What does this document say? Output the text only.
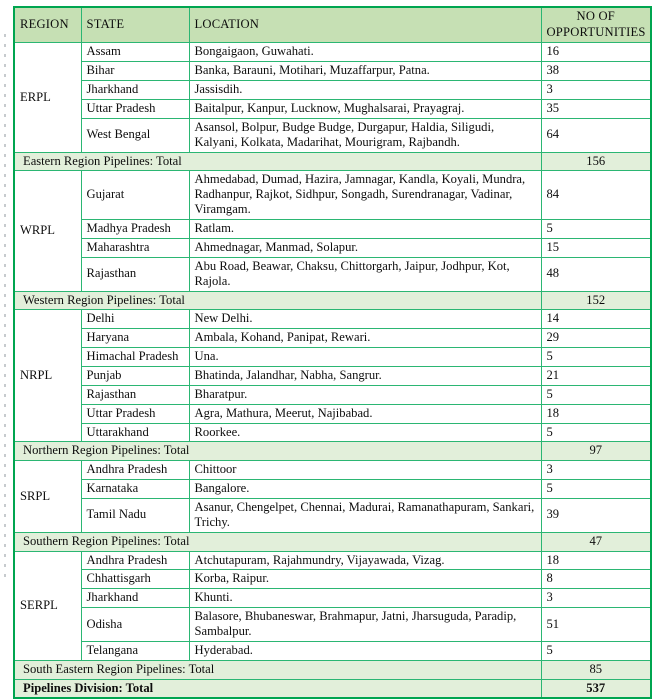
REGION	STATE	LOCATION	NO OF
OPPORTUNITIES
ERPL	Assam	Bongaigaon, Guwahati.	16
	Bihar	Banka, Barauni, Motihari, Muzaffarpur, Patna.	38
	Jharkhand	Jassisdih.	3
	Uttar Pradesh	Baitalpur, Kanpur, Lucknow, Mughalsarai, Prayagraj.	35
	West Bengal	Asansol, Bolpur, Budge Budge, Durgapur, Haldia, Siligudi, Kalyani, Kolkata, Madarihat, Mourigram, Rajbandh.	64
Eastern Region Pipelines: Total			156
WRPL	Gujarat	Ahmedabad, Dumad, Hazira, Jamnagar, Kandla, Koyali, Mundra, Radhanpur, Rajkot, Sidhpur, Songadh, Surendranagar, Vadinar, Viramgam.	84
	Madhya Pradesh	Ratlam.	5
	Maharashtra	Ahmednagar, Manmad, Solapur.	15
	Rajasthan	Abu Road, Beawar, Chaksu, Chittorgarh, Jaipur, Jodhpur, Kot, Rajola.	48
Western Region Pipelines: Total			152
NRPL	Delhi	New Delhi.	14
	Haryana	Ambala, Kohand, Panipat, Rewari.	29
	Himachal Pradesh	Una.	5
	Punjab	Bhatinda, Jalandhar, Nabha, Sangrur.	21
	Rajasthan	Bharatpur.	5
	Uttar Pradesh	Agra, Mathura, Meerut, Najibabad.	18
	Uttarakhand	Roorkee.	5
Northern Region Pipelines: Total			97
SRPL	Andhra Pradesh	Chittoor	3
	Karnataka	Bangalore.	5
	Tamil Nadu	Asanur, Chengelpet, Chennai, Madurai, Ramanathapuram, Sankari, Trichy.	39
Southern Region Pipelines: Total			47
SERPL	Andhra Pradesh	Atchutapuram, Rajahmundry, Vijayawada, Vizag.	18
	Chhattisgarh	Korba, Raipur.	8
	Jharkhand	Khunti.	3
	Odisha	Balasore, Bhubaneswar, Brahmapur, Jatni, Jharsuguda, Paradip, Sambalpur.	51
	Telangana	Hyderabad.	5
South Eastern Region Pipelines: Total			85
Pipelines Division: Total			537
